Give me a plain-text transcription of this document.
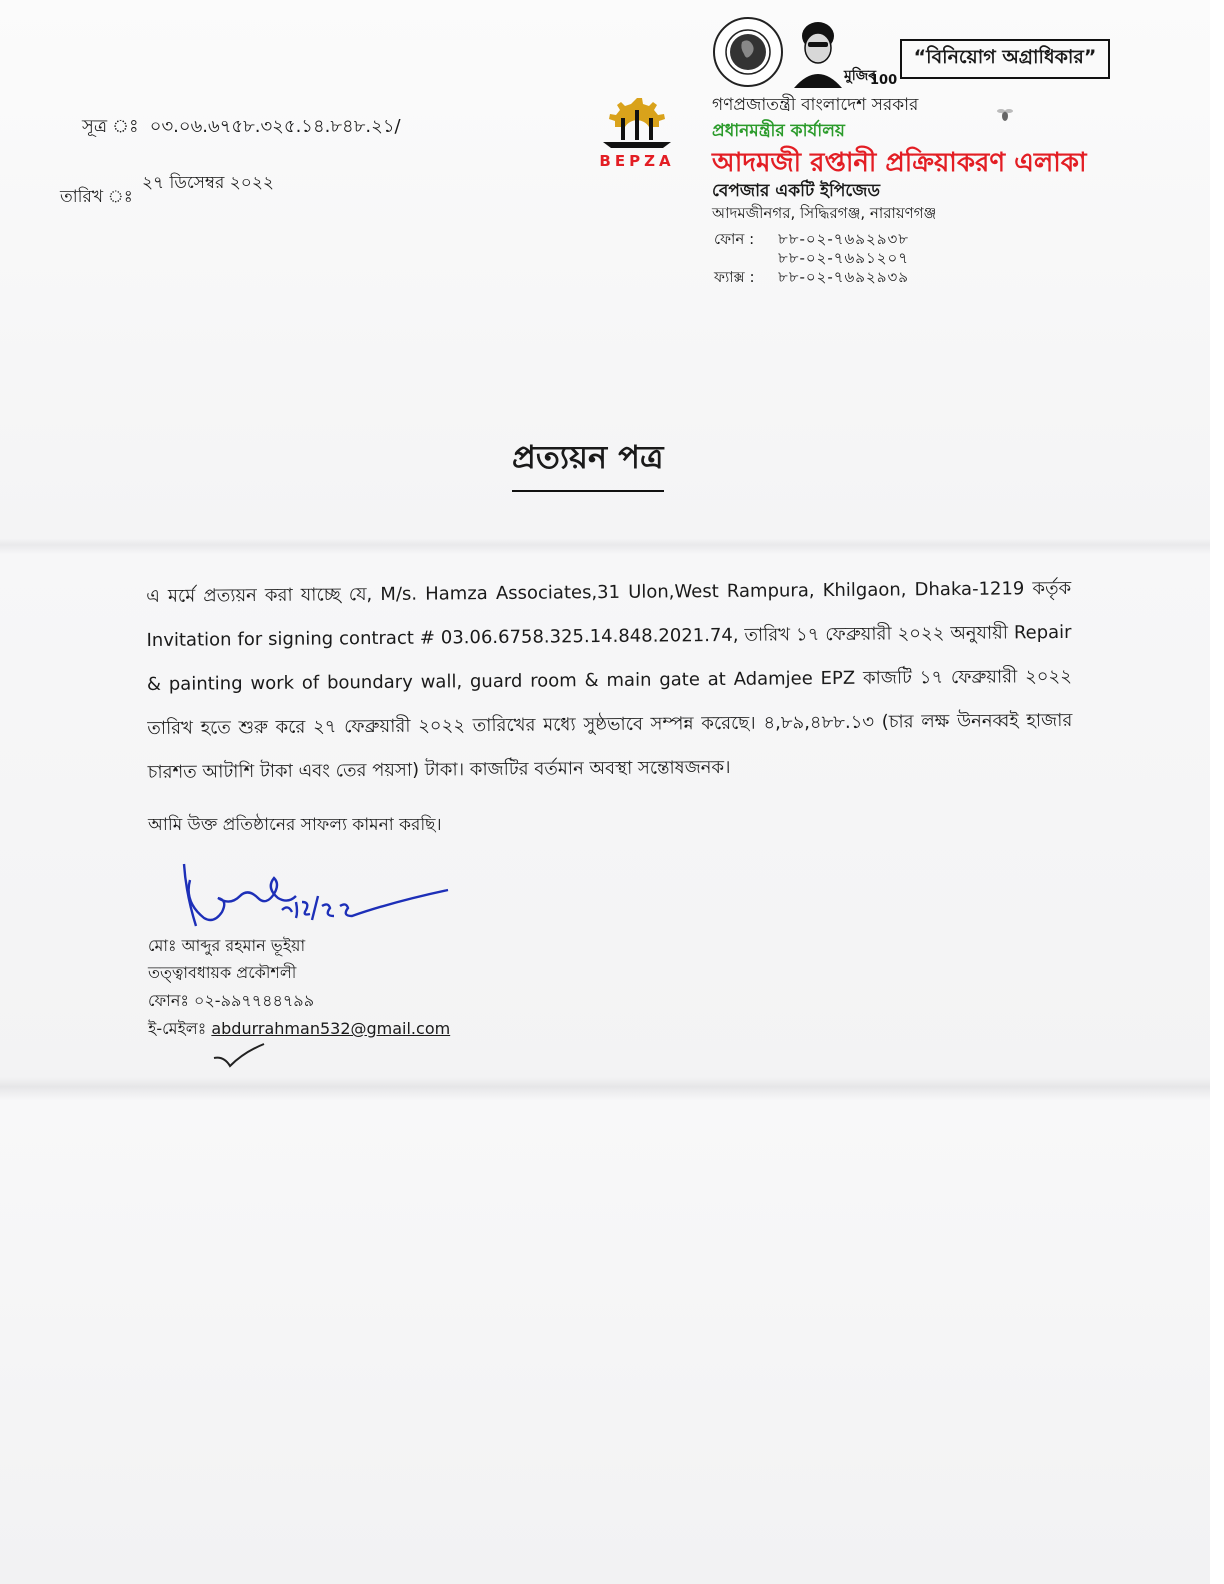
সূত্র ঃ ০৩.০৬.৬৭৫৮.৩২৫.১৪.৮৪৮.২১/
তারিখ ঃ
২৭ ডিসেম্বর ২০২২
BEPZA
মুজিব
100
“বিনিয়োগ অগ্রাধিকার”
গণপ্রজাতন্ত্রী বাংলাদেশ সরকার
প্রধানমন্ত্রীর কার্যালয়
আদমজী রপ্তানী প্রক্রিয়াকরণ এলাকা
বেপজার একটি ইপিজেড
আদমজীনগর, সিদ্ধিরগঞ্জ, নারায়ণগঞ্জ
ফোন : ৮৮-০২-৭৬৯২৯৩৮
৮৮-০২-৭৬৯১২০৭
ফ্যাক্স : ৮৮-০২-৭৬৯২৯৩৯
প্রত্যয়ন পত্র
এ মর্মে প্রত্যয়ন করা যাচ্ছে যে, M/s. Hamza Associates,31 Ulon,West Rampura, Khilgaon, Dhaka-1219 কর্তৃক Invitation for signing contract # 03.06.6758.325.14.848.2021.74, তারিখ ১৭ ফেব্রুয়ারী ২০২২ অনুযায়ী Repair & painting work of boundary wall, guard room & main gate at Adamjee EPZ কাজটি ১৭ ফেব্রুয়ারী ২০২২ তারিখ হতে শুরু করে ২৭ ফেব্রুয়ারী ২০২২ তারিখের মধ্যে সুষ্ঠভাবে সম্পন্ন করেছে। ৪,৮৯,৪৮৮.১৩ (চার লক্ষ উননব্বই হাজার চারশত আটাশি টাকা এবং তের পয়সা) টাকা। কাজটির বর্তমান অবস্থা সন্তোষজনক।
আমি উক্ত প্রতিষ্ঠানের সাফল্য কামনা করছি।
মোঃ আব্দুর রহমান ভূইয়া
তত্ত্বাবধায়ক প্রকৌশলী
ফোনঃ ০২-৯৯৭৭৪৪৭৯৯
ই-মেইলঃ abdurrahman532@gmail.com
